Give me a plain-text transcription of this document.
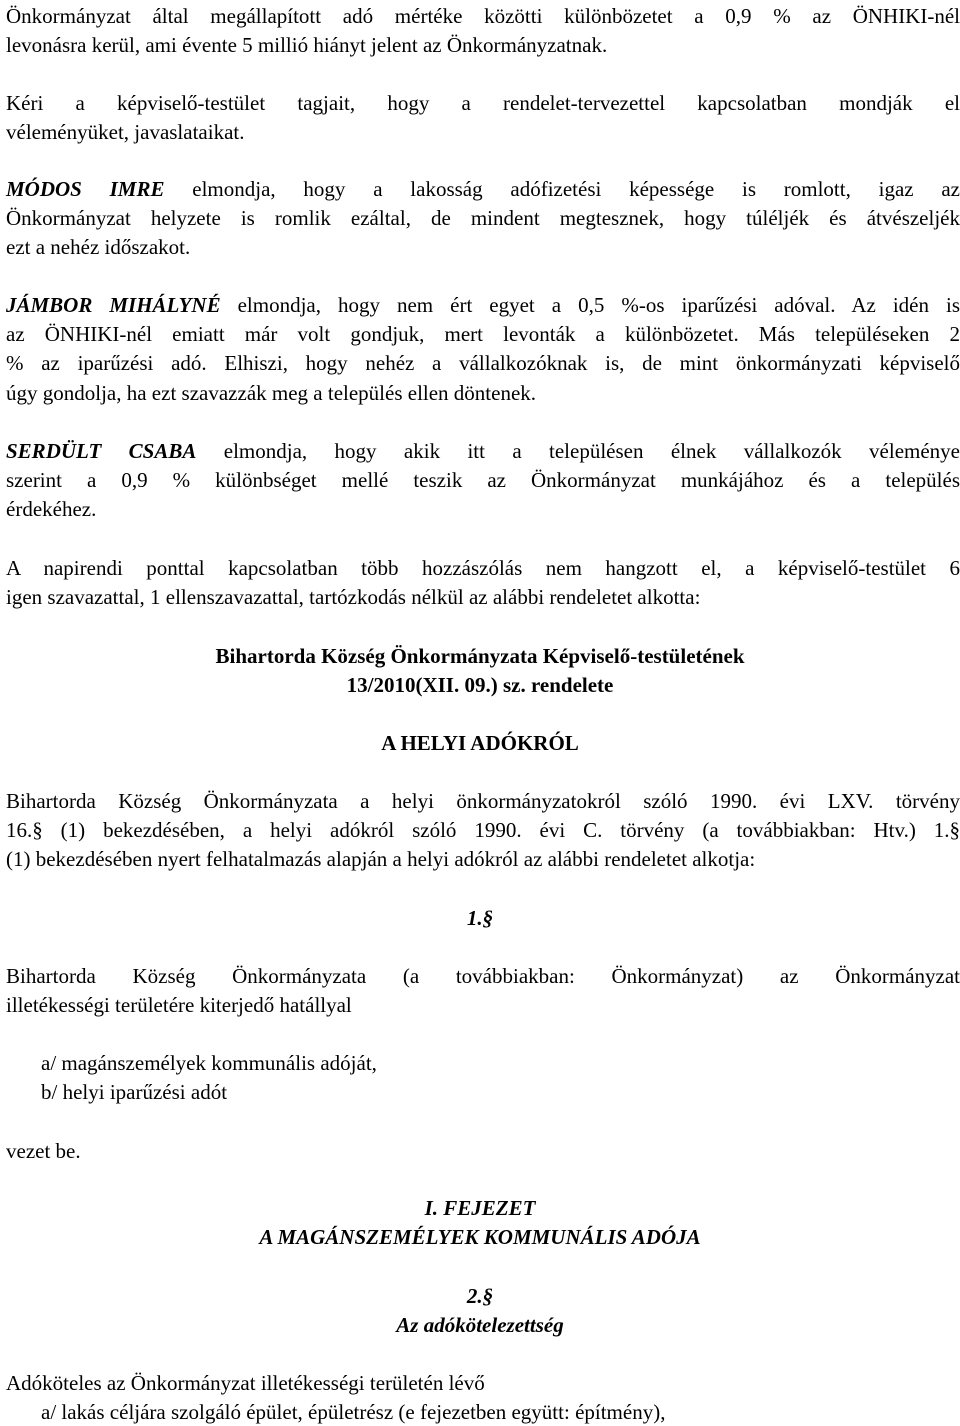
Önkormányzat által megállapított adó mértéke közötti különbözetet a 0,9 % az ÖNHIKI-nél
levonásra kerül, ami évente 5 millió hiányt jelent az Önkormányzatnak.
Kéri a képviselő-testület tagjait, hogy a rendelet-tervezettel kapcsolatban mondják el
véleményüket, javaslataikat.
MÓDOS IMRE elmondja, hogy a lakosság adófizetési képessége is romlott, igaz az
Önkormányzat helyzete is romlik ezáltal, de mindent megtesznek, hogy túléljék és átvészeljék
ezt a nehéz időszakot.
JÁMBOR MIHÁLYNÉ elmondja, hogy nem ért egyet a 0,5 %-os iparűzési adóval. Az idén is
az ÖNHIKI-nél emiatt már volt gondjuk, mert levonták a különbözetet. Más településeken 2
% az iparűzési adó. Elhiszi, hogy nehéz a vállalkozóknak is, de mint önkormányzati képviselő
úgy gondolja, ha ezt szavazzák meg a település ellen döntenek.
SERDÜLT CSABA elmondja, hogy akik itt a településen élnek vállalkozók véleménye
szerint a 0,9 % különbséget mellé teszik az Önkormányzat munkájához és a település
érdekéhez.
A napirendi ponttal kapcsolatban több hozzászólás nem hangzott el, a képviselő-testület 6
igen szavazattal, 1 ellenszavazattal, tartózkodás nélkül az alábbi rendeletet alkotta:
Bihartorda Község Önkormányzata Képviselő-testületének
13/2010(XII. 09.) sz. rendelete
A HELYI ADÓKRÓL
Bihartorda Község Önkormányzata a helyi önkormányzatokról szóló 1990. évi LXV. törvény
16.§ (1) bekezdésében, a helyi adókról szóló 1990. évi C. törvény (a továbbiakban: Htv.) 1.§
(1) bekezdésében nyert felhatalmazás alapján a helyi adókról az alábbi rendeletet alkotja:
1.§
Bihartorda Község Önkormányzata (a továbbiakban: Önkormányzat) az Önkormányzat
illetékességi területére kiterjedő hatállyal
a/ magánszemélyek kommunális adóját,
b/ helyi iparűzési adót
vezet be.
I. FEJEZET
A MAGÁNSZEMÉLYEK KOMMUNÁLIS ADÓJA
2.§
Az adókötelezettség
Adóköteles az Önkormányzat illetékességi területén lévő
a/ lakás céljára szolgáló épület, épületrész (e fejezetben együtt: építmény),
